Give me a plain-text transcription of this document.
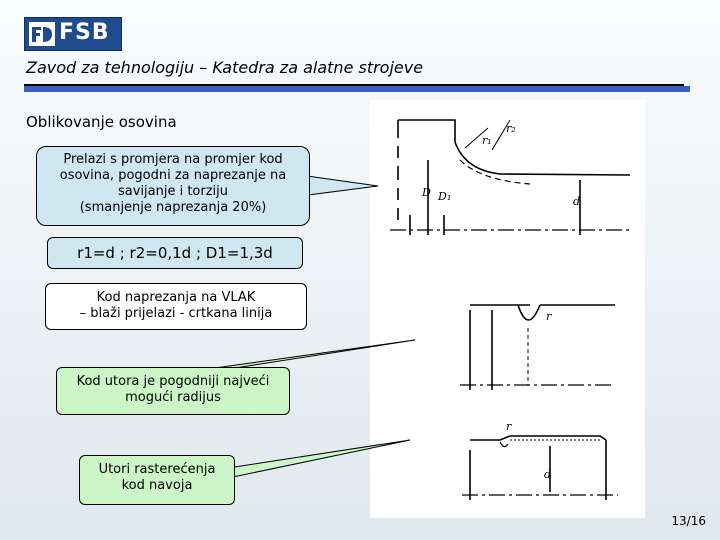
FSB
Zavod za tehnologiju – Katedra za alatne strojeve
Oblikovanje osovina
r₁
r₂
D D₁	d
r
r
d
Prelazi s promjera na promjer kod
osovina, pogodni za naprezanje na
savijanje i torziju
(smanjenje naprezanja 20%)
r1=d ; r2=0,1d ; D1=1,3d
Kod naprezanja na VLAK
– blaži prijelazi - crtkana linija
Kod utora je pogodniji najveći
mogući radijus
Utori rasterećenja
kod navoja
13/16
